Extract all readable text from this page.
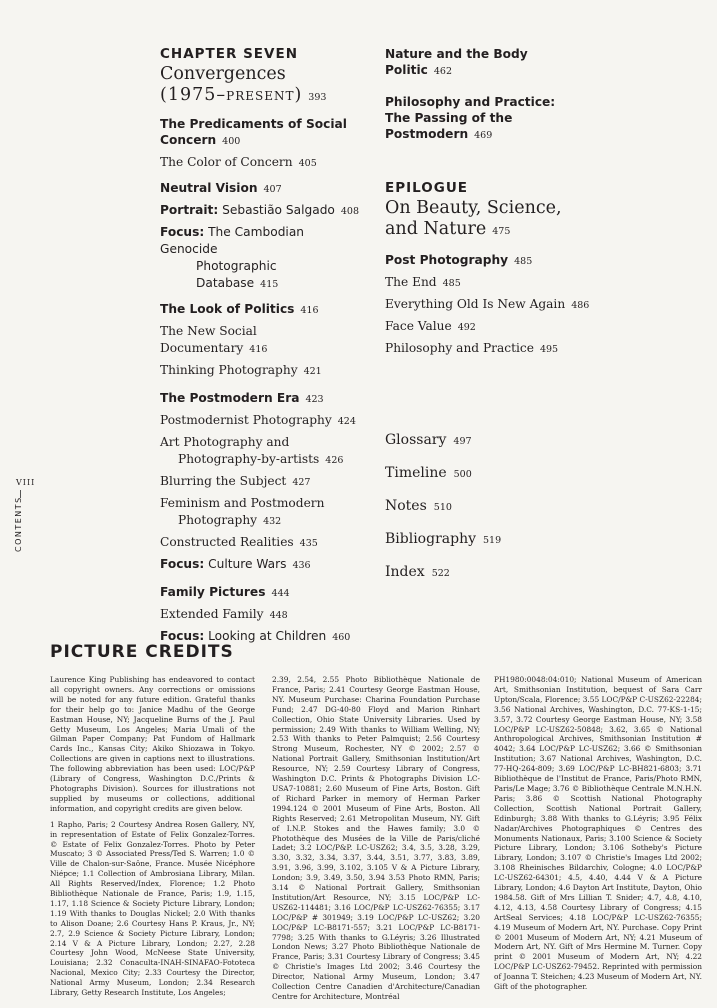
VIII
CONTENTS
CHAPTER SEVEN
Convergences
(1975–present) 393
The Predicaments of Social
Concern 400

The Color of Concern 405

Neutral Vision 407

Portrait: Sebastião Salgado 408

Focus: The Cambodian Genocide
Photographic Database 415
The Look of Politics 416

The New Social Documentary 416

Thinking Photography 421

The Postmodern Era 423

Postmodernist Photography 424

Art Photography and
Photography-by-artists 426

Blurring the Subject 427

Feminism and Postmodern
Photography 432

Constructed Realities 435

Focus: Culture Wars 436

Family Pictures 444

Extended Family 448

Focus: Looking at Children 460

Nature and the Body Politic 462
Philosophy and Practice:
The Passing of the
Postmodern 469
EPILOGUE
On Beauty, Science,
and Nature 475
Post Photography 485

The End 485

Everything Old Is New Again 486

Face Value 492

Philosophy and Practice 495

Glossary 497
Timeline 500
Notes 510
Bibliography 519
Index 522
PICTURE CREDITS

Laurence King Publishing has endeavored to contact all copyright owners. Any corrections or omissions will be noted for any future edition. Grateful thanks for their help go to: Janice Madhu of the George Eastman House, NY; Jacqueline Burns of the J. Paul Getty Museum, Los Angeles; Maria Umali of the Gilman Paper Company; Pat Fundom of Hallmark Cards Inc., Kansas City; Akiko Shiozawa in Tokyo. Collections are given in captions next to illustrations. The following abbreviation has been used: LOC/P&P (Library of Congress, Washington D.C./Prints & Photographs Division). Sources for illustrations not supplied by museums or collections, additional information, and copyright credits are given below.

1 Rapho, Paris; 2 Courtesy Andrea Rosen Gallery, NY, in representation of Estate of Felix Gonzalez-Torres. © Estate of Felix Gonzalez-Torres. Photo by Peter Muscato; 3 © Associated Press/Ted S. Warren; 1.0 © Ville de Chalon-sur-Saône, France. Musée Nicéphore Niépce; 1.1 Collection of Ambrosiana Library, Milan. All Rights Reserved/Index, Florence; 1.2 Photo Bibliothèque Nationale de France, Paris; 1.9, 1.15, 1.17, 1.18 Science & Society Picture Library, London; 1.19 With thanks to Douglas Nickel; 2.0 With thanks to Alison Doane; 2.6 Courtesy Hans P. Kraus, Jr., NY; 2.7, 2.9 Science & Society Picture Library, London; 2.14 V & A Picture Library, London; 2.27, 2.28 Courtesy John Wood, McNeese State University, Louisiana; 2.32 Conaculta-INAH-SINAFAO-Fototeca Nacional, Mexico City; 2.33 Courtesy the Director, National Army Museum, London; 2.34 Research Library, Getty Research Institute, Los Angeles;

2.39, 2.54, 2.55 Photo Bibliothèque Nationale de France, Paris; 2.41 Courtesy George Eastman House, NY. Museum Purchase: Charina Foundation Purchase Fund; 2.47 DG-40-80 Floyd and Marion Rinhart Collection, Ohio State University Libraries. Used by permission; 2.49 With thanks to William Welling, NY; 2.53 With thanks to Peter Palmquist; 2.56 Courtesy Strong Museum, Rochester, NY © 2002; 2.57 © National Portrait Gallery, Smithsonian Institution/Art Resource, NY; 2.59 Courtesy Library of Congress, Washington D.C. Prints & Photographs Division LC-USA7-10881; 2.60 Museum of Fine Arts, Boston. Gift of Richard Parker in memory of Herman Parker 1994.124 © 2001 Museum of Fine Arts, Boston. All Rights Reserved; 2.61 Metropolitan Museum, NY. Gift of I.N.P. Stokes and the Hawes family; 3.0 © Photothèque des Musées de la Ville de Paris/cliché Ladet; 3.2 LOC/P&P. LC-USZ62; 3.4, 3.5, 3.28, 3.29, 3.30, 3.32, 3.34, 3.37, 3.44, 3.51, 3.77, 3.83, 3.89, 3.91, 3.96, 3.99, 3.102, 3.105 V & A Picture Library, London; 3.9, 3.49, 3.50, 3.94 3.53 Photo RMN, Paris; 3.14 © National Portrait Gallery, Smithsonian Institution/Art Resource, NY; 3.15 LOC/P&P LC-USZ62-114481; 3.16 LOC/P&P LC-USZ62-76355; 3.17 LOC/P&P # 301949; 3.19 LOC/P&P LC-USZ62; 3.20 LOC/P&P LC-B8171-557; 3.21 LOC/P&P LC-B8171-7798; 3.25 With thanks to G.Léyris; 3.26 Illustrated London News; 3.27 Photo Bibliothèque Nationale de France, Paris; 3.31 Courtesy Library of Congress; 3.45 © Christie's Images Ltd 2002; 3.46 Courtesy the Director, National Army Museum, London; 3.47 Collection Centre Canadien d'Architecture/Canadian Centre for Architecture, Montréal

PH1980:0048:04:010; National Museum of American Art, Smithsonian Institution, bequest of Sara Carr Upton/Scala, Florence; 3.55 LOC/P&P C-USZ62-22284; 3.56 National Archives, Washington, D.C. 77-KS-1-15; 3.57, 3.72 Courtesy George Eastman House, NY; 3.58 LOC/P&P LC-USZ62-50848; 3.62, 3.65 © National Anthropological Archives, Smithsonian Institution # 4042; 3.64 LOC/P&P LC-USZ62; 3.66 © Smithsonian Institution; 3.67 National Archives, Washington, D.C. 77-HQ-264-809; 3.69 LOC/P&P LC-BH821-6803; 3.71 Bibliothèque de l'Institut de France, Paris/Photo RMN, Paris/Le Mage; 3.76 © Bibliothèque Centrale M.N.H.N. Paris; 3.86 © Scottish National Photography Collection, Scottish National Portrait Gallery, Edinburgh; 3.88 With thanks to G.Léyris; 3.95 Félix Nadar/Archives Photographiques © Centres des Monuments Nationaux, Paris; 3.100 Science & Society Picture Library, London; 3.106 Sotheby's Picture Library, London; 3.107 © Christie's Images Ltd 2002; 3.108 Rheinisches Bildarchiv, Cologne; 4.0 LOC/P&P LC-USZ62-64301; 4.5, 4.40, 4.44 V & A Picture Library, London; 4.6 Dayton Art Institute, Dayton, Ohio 1984.58. Gift of Mrs Lillian T. Snider; 4.7, 4.8, 4.10, 4.12, 4.13, 4.58 Courtesy Library of Congress; 4.15 ArtSeal Services; 4.18 LOC/P&P LC-USZ62-76355; 4.19 Museum of Modern Art, NY. Purchase. Copy Print © 2001 Museum of Modern Art, NY; 4.21 Museum of Modern Art, NY. Gift of Mrs Hermine M. Turner. Copy print © 2001 Museum of Modern Art, NY; 4.22 LOC/P&P LC-USZ62-79452. Reprinted with permission of Joanna T. Steichen; 4.23 Museum of Modern Art, NY. Gift of the photographer.
